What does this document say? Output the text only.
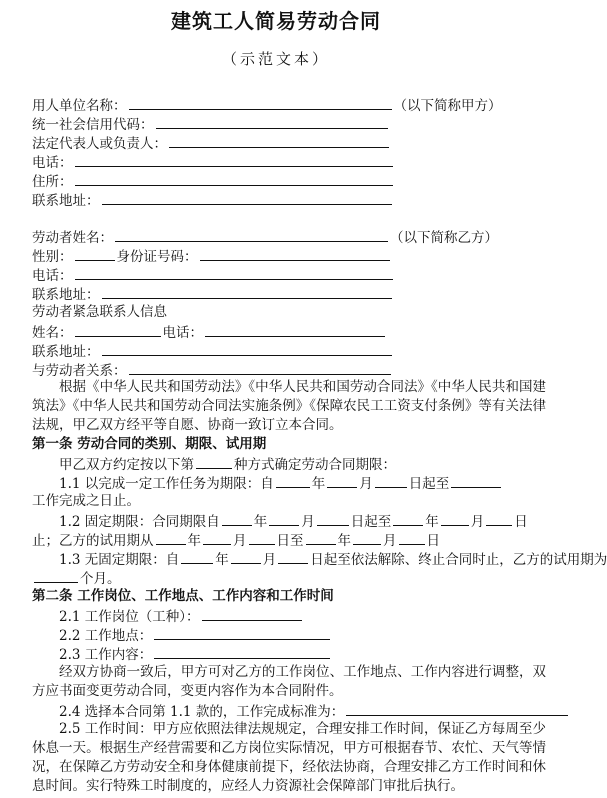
建筑工人简易劳动合同
（示范文本）
用人单位名称：	（以下简称甲方）
统一社会信用代码：
法定代表人或负责人：
电话：
住所：
联系地址：
劳动者姓名：	（以下简称乙方）
性别：	身份证号码：
电话：
联系地址：
劳动者紧急联系人信息
姓名：	电话：
联系地址：
与劳动者关系：

根据《中华人民共和国劳动法》《中华人民共和国劳动合同法》《中华人民共和国建筑法》《中华人民共和国劳动合同法实施条例》《保障农民工工资支付条例》等有关法律法规，甲乙双方经平等自愿、协商一致订立本合同。

第一条 劳动合同的类别、期限、试用期
甲乙双方约定按以下第	种方式确定劳动合同期限：
1.1 以完成一定工作任务为期限：自	年	月	日起至
工作完成之日止。
1.2 固定期限：合同期限自	年	月	日起至	年 月 日
止；乙方的试用期从	年 月 日至	年 月 日
1.3 无固定期限：自	年	月	日起至依法解除、终止合同时止，乙方的试用期为
个月。
第二条 工作岗位、工作地点、工作内容和工作时间
2.1 工作岗位（工种）：
2.2 工作地点：
2.3 工作内容：

经双方协商一致后，甲方可对乙方的工作岗位、工作地点、工作内容进行调整，双方应书面变更劳动合同，变更内容作为本合同附件。

2.4 选择本合同第 1.1 款的，工作完成标准为：

2.5 工作时间：甲方应依照法律法规规定，合理安排工作时间，保证乙方每周至少休息一天。根据生产经营需要和乙方岗位实际情况，甲方可根据春节、农忙、天气等情况，在保障乙方劳动安全和身体健康前提下，经依法协商，合理安排乙方工作时间和休息时间。实行特殊工时制度的，应经人力资源社会保障部门审批后执行。
